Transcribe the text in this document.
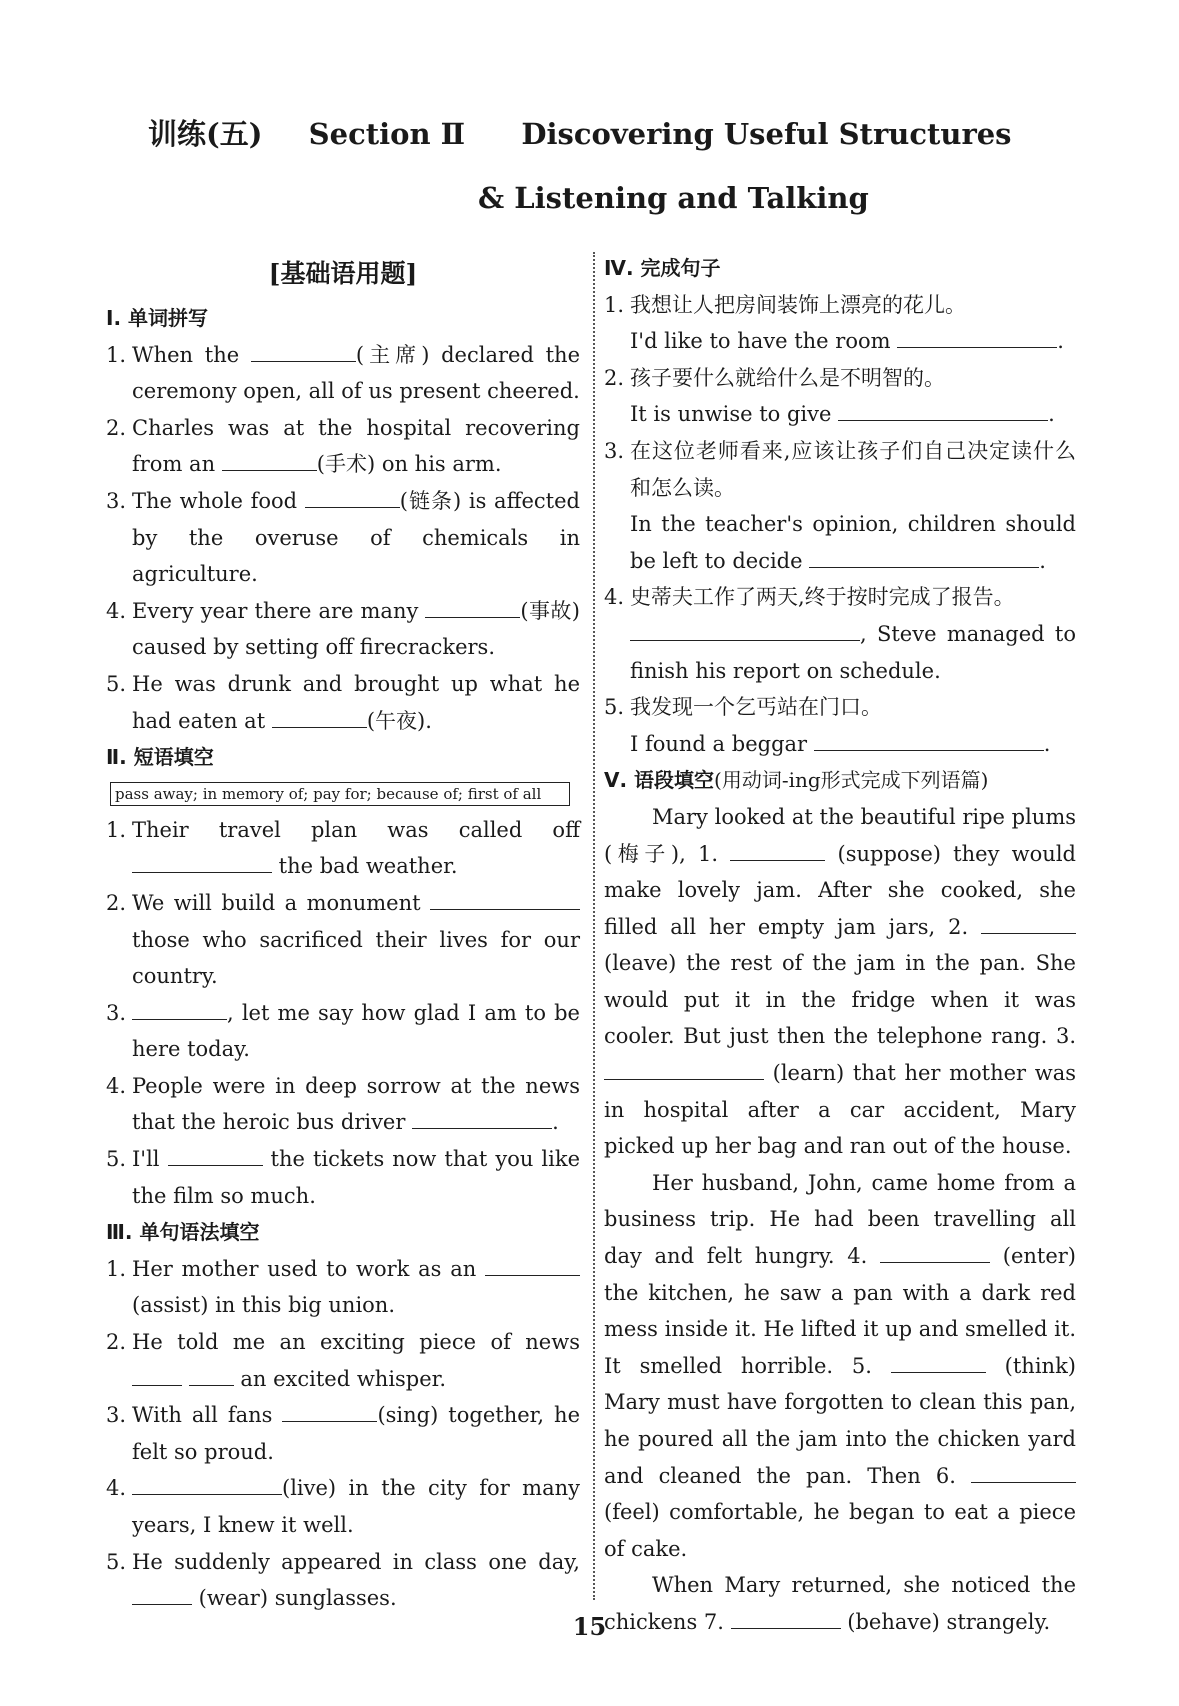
训练(五) Section Ⅱ Discovering Useful Structures
& Listening and Talking
[基础语用题]
Ⅰ. 单词拼写
1. When the	(主席) declared the ceremony open, all of us present cheered.
2. Charles was at the hospital recovering from an	(手术) on his arm.
3. The whole food	(链条) is affected by the overuse of chemicals in agriculture.
4. Every year there are many	(事故) caused by setting off firecrackers.
5. He was drunk and brought up what he had eaten at	(午夜).
Ⅱ. 短语填空
pass away; in memory of; pay for; because of; first of all
1. Their travel plan was called off  the bad weather.
2. We will build a monument  those who sacrificed their lives for our country.
3.	, let me say how glad I am to be here today.
4. People were in deep sorrow at the news that the heroic bus driver	.
5. I'll	the tickets now that you like the film so much.
Ⅲ. 单句语法填空
1. Her mother used to work as an  (assist) in this big union.
2. He told me an exciting piece of news   an excited whisper.
3. With all fans	(sing) together, he felt so proud.
4.	(live) in the city for many years, I knew it well.
5. He suddenly appeared in class one day,  (wear) sunglasses.
Ⅳ. 完成句子
1. 我想让人把房间装饰上漂亮的花儿。
I'd like to have the room	.
2. 孩子要什么就给什么是不明智的。
It is unwise to give	.
3. 在这位老师看来,应该让孩子们自己决定读什么和怎么读。
In the teacher's opinion, children should be left to decide	.
4. 史蒂夫工作了两天,终于按时完成了报告。
, Steve managed to finish his report on schedule.
5. 我发现一个乞丐站在门口。
I found a beggar	.
Ⅴ. 语段填空(用动词-ing形式完成下列语篇)
Mary looked at the beautiful ripe plums (梅子), 1.	(suppose) they would make lovely jam. After she cooked, she filled all her empty jam jars, 2. (leave) the rest of the jam in the pan. She would put it in the fridge when it was cooler. But just then the telephone rang. 3.  (learn) that her mother was in hospital after a car accident, Mary picked up her bag and ran out of the house.
Her husband, John, came home from a business trip. He had been travelling all day and felt hungry. 4.	(enter) the kitchen, he saw a pan with a dark red mess inside it. He lifted it up and smelled it. It smelled horrible. 5.	(think) Mary must have forgotten to clean this pan, he poured all the jam into the chicken yard and cleaned the pan. Then 6.  (feel) comfortable, he began to eat a piece of cake.
When Mary returned, she noticed the chickens 7.	(behave) strangely.
15
